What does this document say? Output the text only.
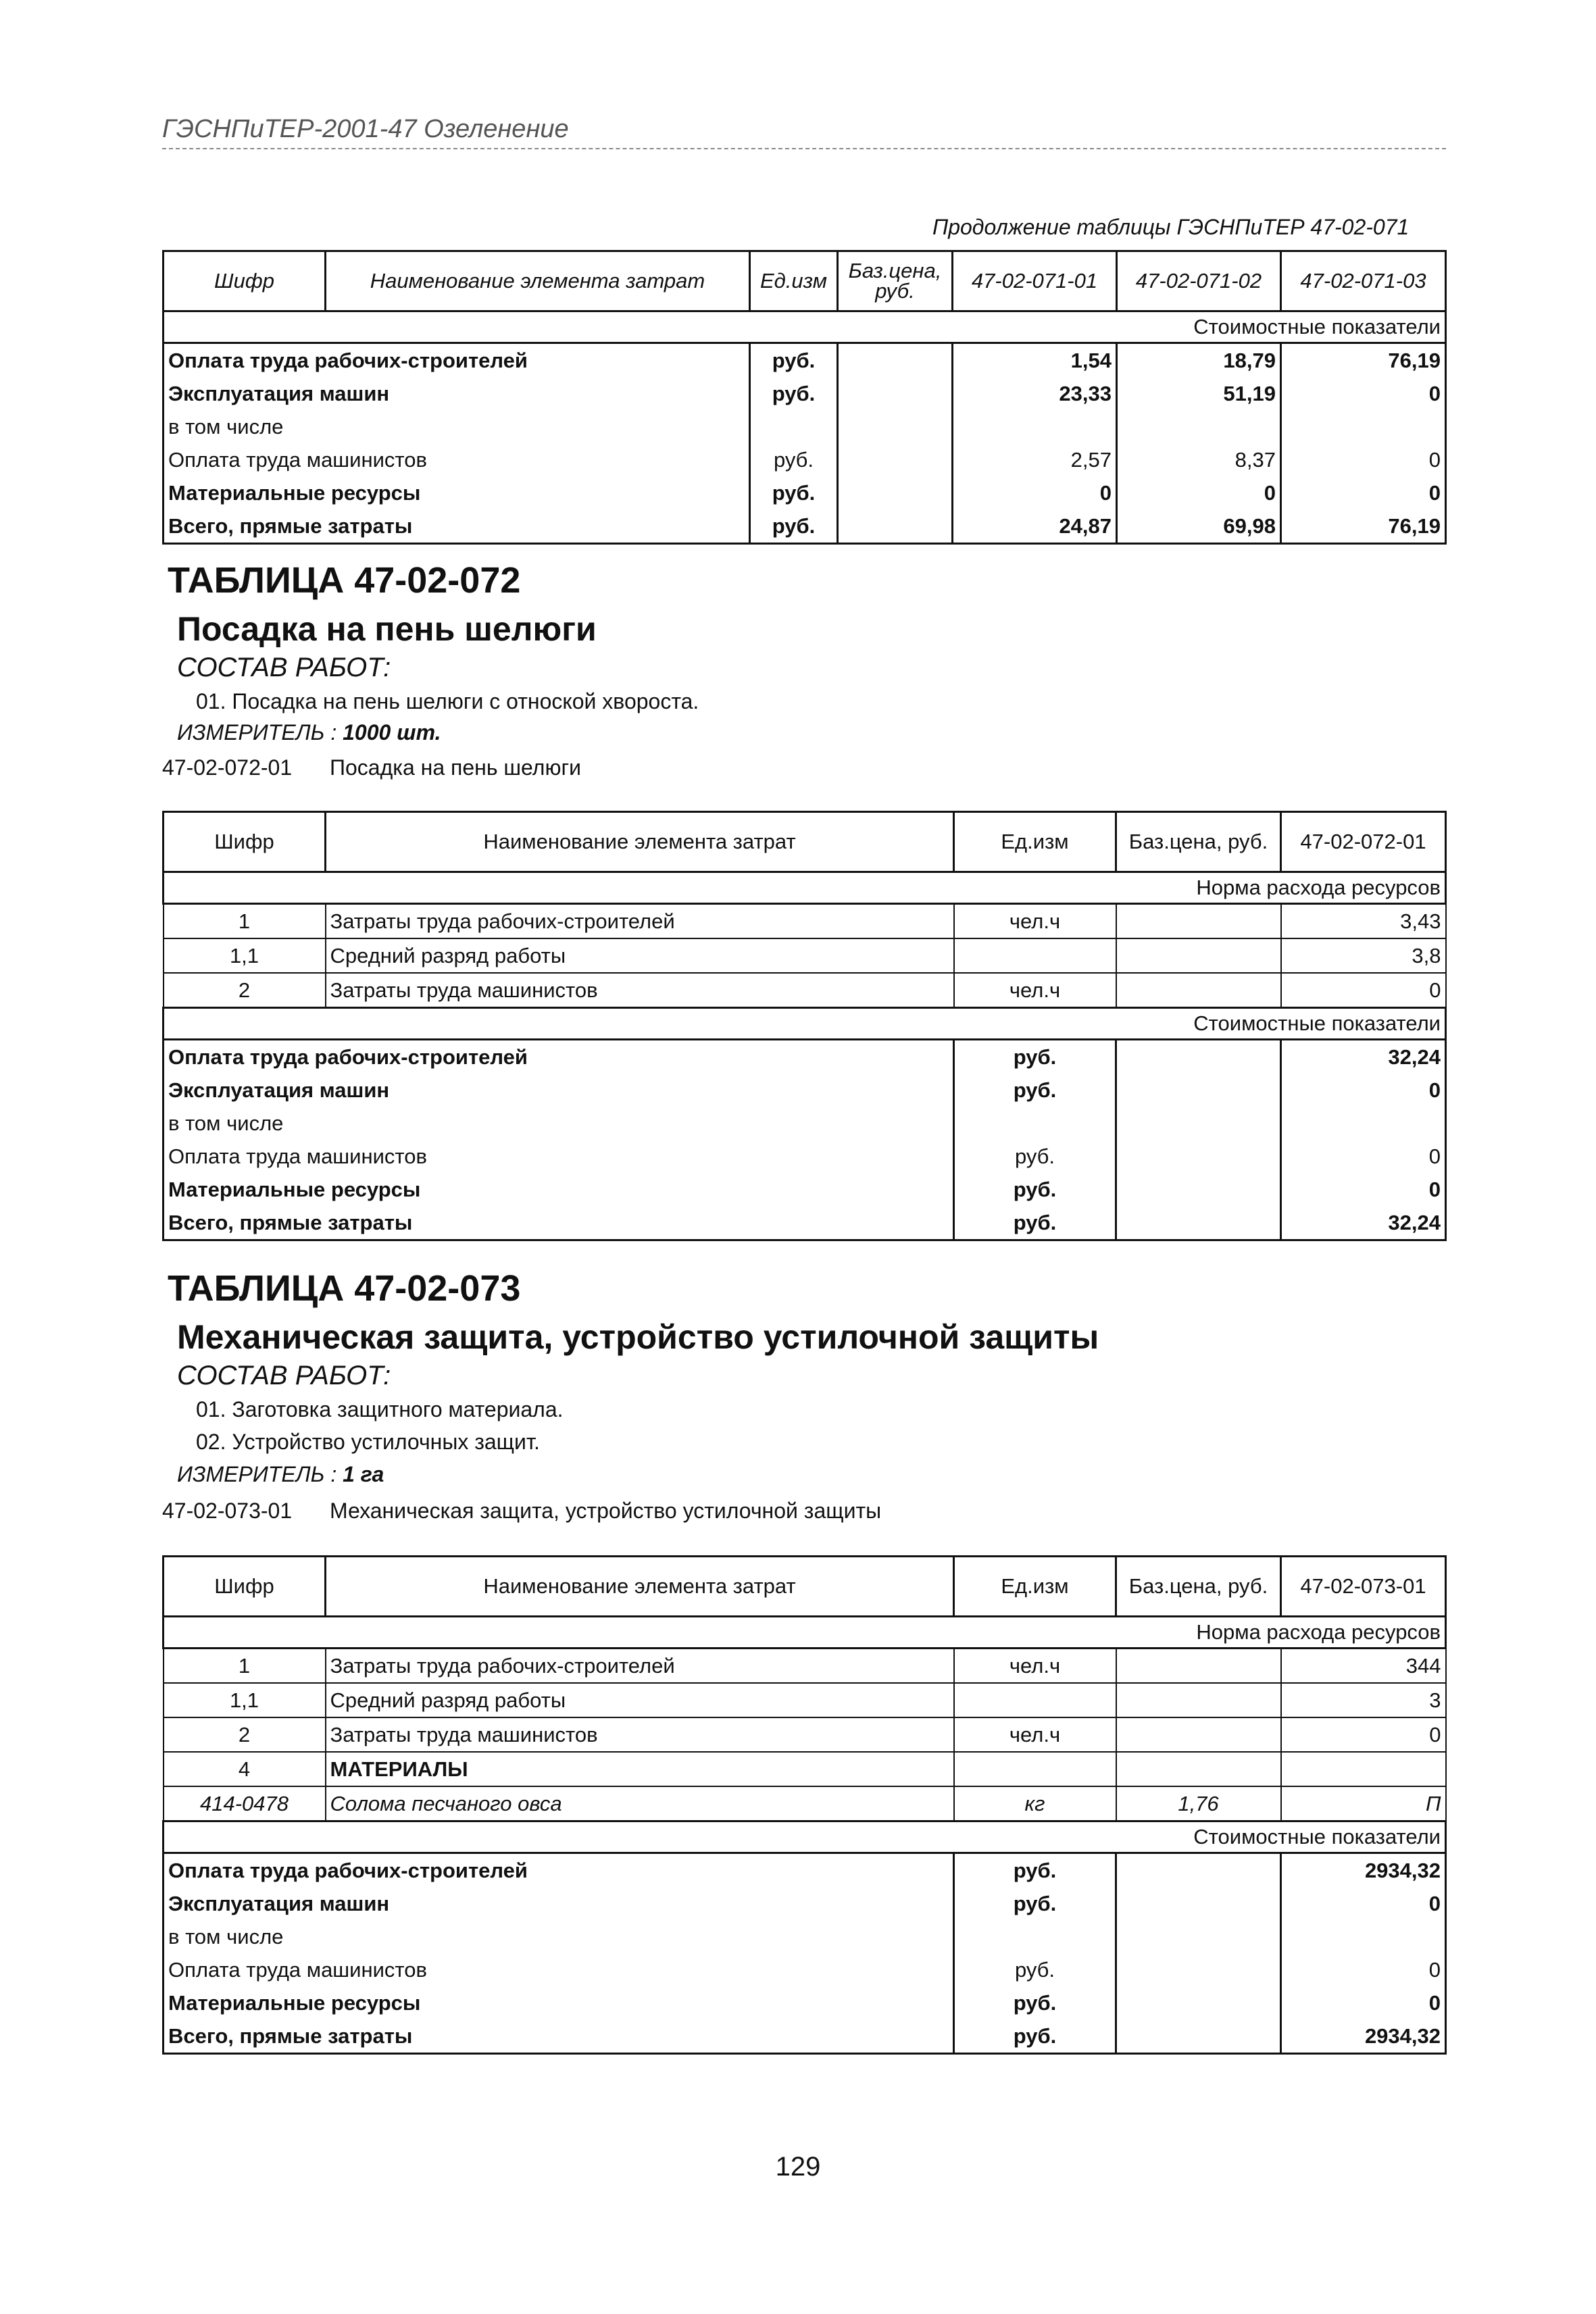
ГЭСНПиТЕР-2001-47 Озеленение
Продолжение таблицы ГЭСНПиТЕР 47-02-071
Шифр	Наименование элемента затрат	Ед.изм	Баз.цена, руб.	47-02-071-01	47-02-071-02	47-02-071-03
Стоимостные показатели						
Оплата труда рабочих-строителей		руб.		1,54	18,79	76,19
Эксплуатация машин		руб.		23,33	51,19	0
в том числе						
Оплата труда машинистов		руб.		2,57	8,37	0
Материальные ресурсы		руб.		0	0	0
Всего, прямые затраты		руб.		24,87	69,98	76,19
ТАБЛИЦА 47-02-072
Посадка на пень шелюги
СОСТАВ РАБОТ:
01. Посадка на пень шелюги с отноской хвороста.
ИЗМЕРИТЕЛЬ : 1000 шт.
47-02-072-01 Посадка на пень шелюги
Шифр	Наименование элемента затрат	Ед.изм	Баз.цена, руб.	47-02-072-01
Норма расхода ресурсов				
1	Затраты труда рабочих-строителей	чел.ч		3,43
1,1	Средний разряд работы			3,8
2	Затраты труда машинистов	чел.ч		0
Стоимостные показатели				
Оплата труда рабочих-строителей		руб.		32,24
Эксплуатация машин		руб.		0
в том числе				
Оплата труда машинистов		руб.		0
Материальные ресурсы		руб.		0
Всего, прямые затраты		руб.		32,24
ТАБЛИЦА 47-02-073
Механическая защита, устройство устилочной защиты
СОСТАВ РАБОТ:
01. Заготовка защитного материала.
02. Устройство устилочных защит.
ИЗМЕРИТЕЛЬ : 1 га
47-02-073-01 Механическая защита, устройство устилочной защиты
Шифр	Наименование элемента затрат	Ед.изм	Баз.цена, руб.	47-02-073-01
Норма расхода ресурсов				
1	Затраты труда рабочих-строителей	чел.ч		344
1,1	Средний разряд работы			3
2	Затраты труда машинистов	чел.ч		0
4	МАТЕРИАЛЫ			
414-0478	Солома песчаного овса	кг	1,76	П
Стоимостные показатели				
Оплата труда рабочих-строителей		руб.		2934,32
Эксплуатация машин		руб.		0
в том числе				
Оплата труда машинистов		руб.		0
Материальные ресурсы		руб.		0
Всего, прямые затраты		руб.		2934,32
129
